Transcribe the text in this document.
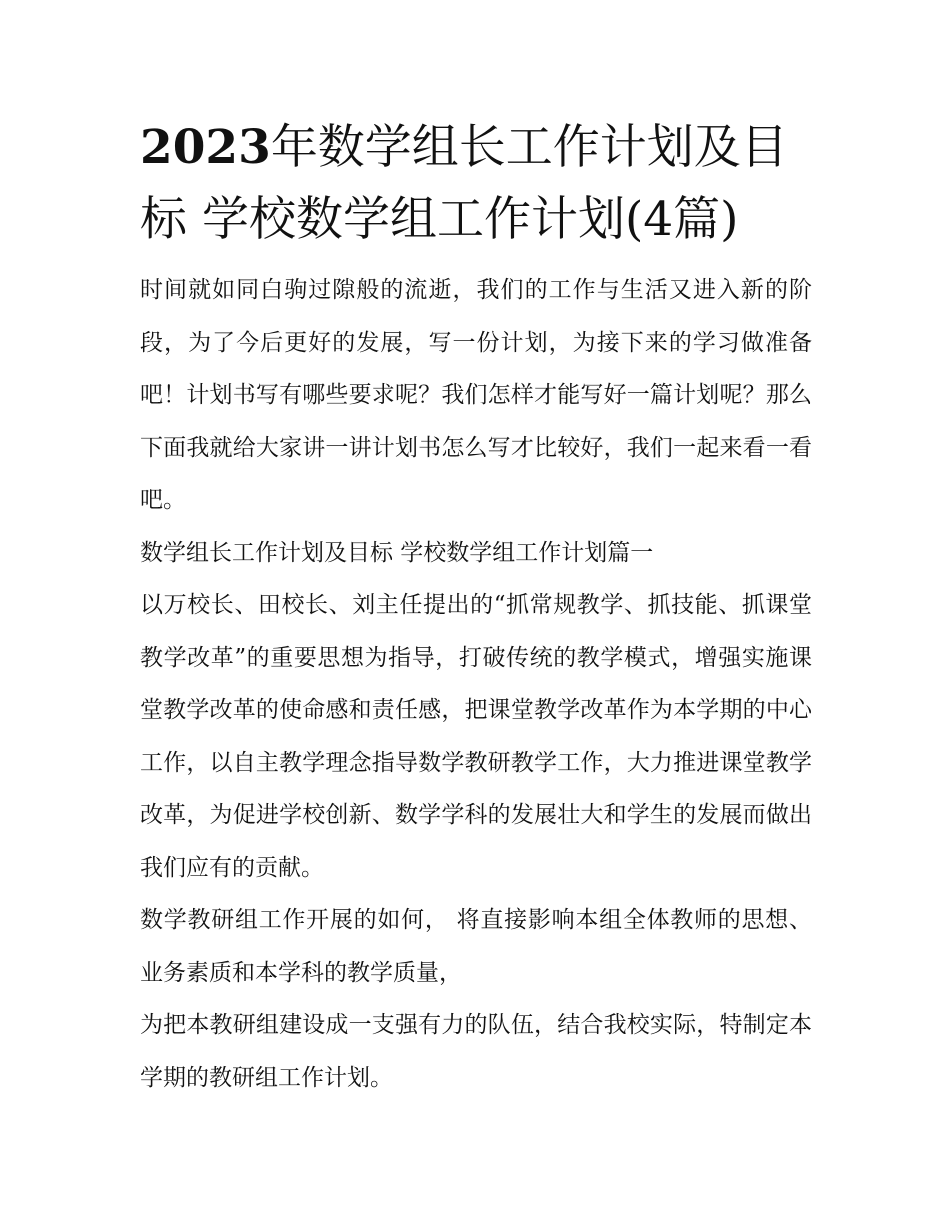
2023年数学组长工作计划及目标 学校数学组工作计划(4篇)

时间就如同白驹过隙般的流逝，我们的工作与生活又进入新的阶段，为了今后更好的发展，写一份计划，为接下来的学习做准备吧！计划书写有哪些要求呢？我们怎样才能写好一篇计划呢？那么下面我就给大家讲一讲计划书怎么写才比较好，我们一起来看一看吧。

数学组长工作计划及目标 学校数学组工作计划篇一

以万校长、田校长、刘主任提出的“抓常规教学、抓技能、抓课堂教学改革”的重要思想为指导，打破传统的教学模式，增强实施课堂教学改革的使命感和责任感，把课堂教学改革作为本学期的中心工作，以自主教学理念指导数学教研教学工作，大力推进课堂教学改革，为促进学校创新、数学学科的发展壮大和学生的发展而做出我们应有的贡献。

数学教研组工作开展的如何， 将直接影响本组全体教师的思想、 业务素质和本学科的教学质量，

为把本教研组建设成一支强有力的队伍，结合我校实际，特制定本学期的教研组工作计划。
